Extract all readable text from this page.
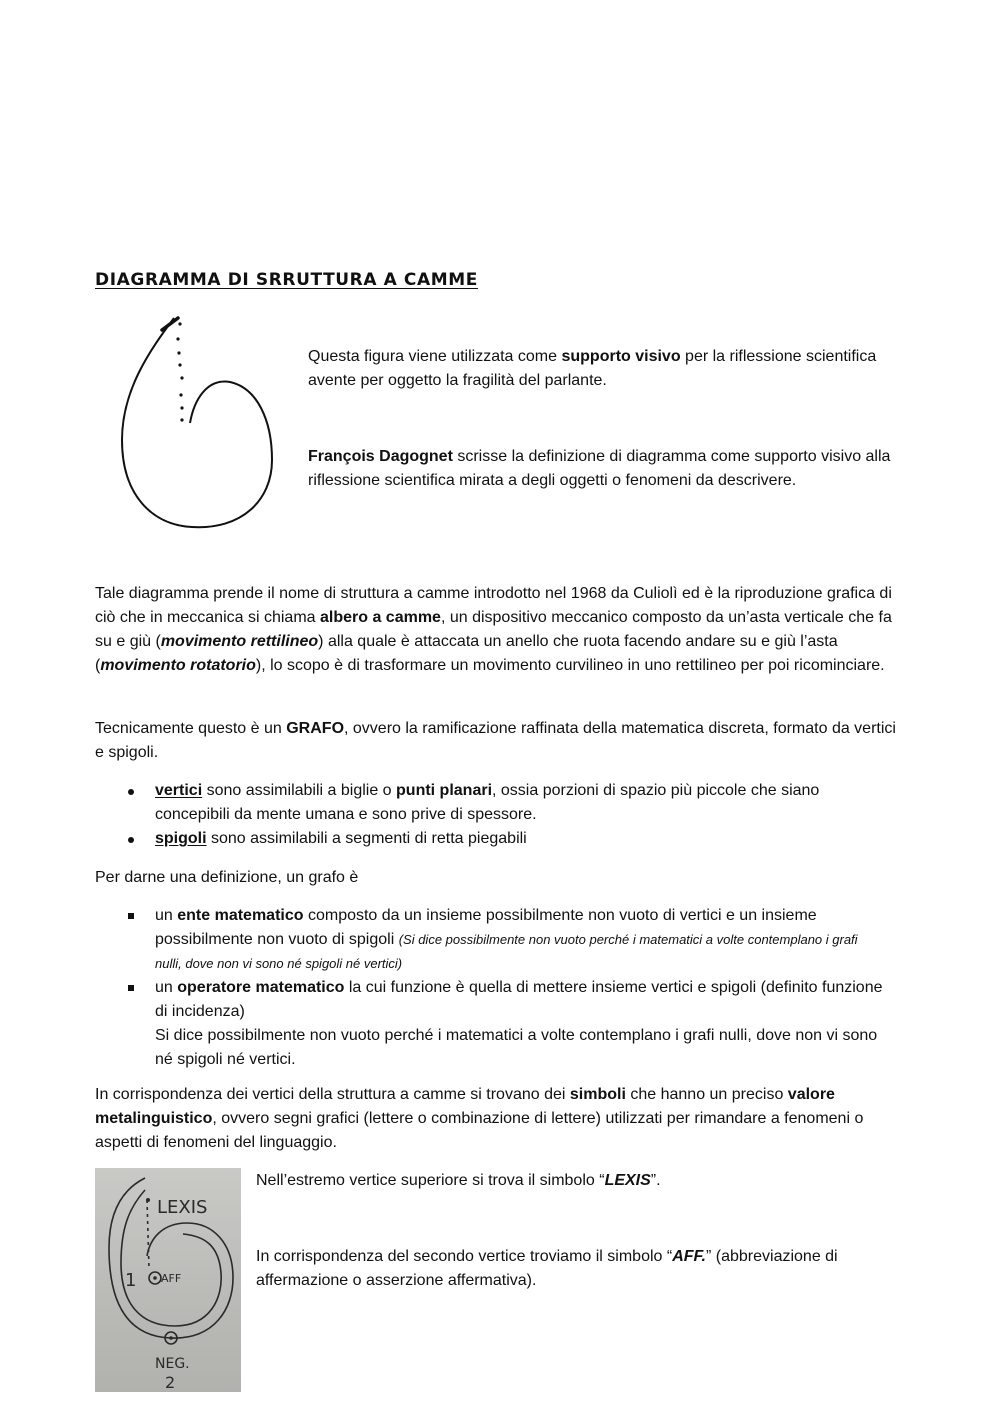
DIAGRAMMA DI SRRUTTURA A CAMME
Questa figura viene utilizzata come supporto visivo per la riflessione scientifica avente per oggetto la fragilità del parlante.
François Dagognet scrisse la definizione di diagramma come supporto visivo alla riflessione scientifica mirata a degli oggetti o fenomeni da descrivere.
Tale diagramma prende il nome di struttura a camme introdotto nel 1968 da Culiolì ed è la riproduzione grafica di ciò che in meccanica si chiama albero a camme, un dispositivo meccanico composto da un’asta verticale che fa su e giù (movimento rettilineo) alla quale è attaccata un anello che ruota facendo andare su e giù l’asta (movimento rotatorio), lo scopo è di trasformare un movimento curvilineo in uno rettilineo per poi ricominciare.
Tecnicamente questo è un GRAFO, ovvero la ramificazione raffinata della matematica discreta, formato da vertici e spigoli.
vertici sono assimilabili a biglie o punti planari, ossia porzioni di spazio più piccole che siano concepibili da mente umana e sono prive di spessore.
spigoli sono assimilabili a segmenti di retta piegabili
Per darne una definizione, un grafo è
un ente matematico composto da un insieme possibilmente non vuoto di vertici e un insieme possibilmente non vuoto di spigoli (Si dice possibilmente non vuoto perché i matematici a volte contemplano i grafi nulli, dove non vi sono né spigoli né vertici)
un operatore matematico la cui funzione è quella di mettere insieme vertici e spigoli (definito funzione di incidenza)
Si dice possibilmente non vuoto perché i matematici a volte contemplano i grafi nulli, dove non vi sono né spigoli né vertici.
In corrispondenza dei vertici della struttura a camme si trovano dei simboli che hanno un preciso valore metalinguistico, ovvero segni grafici (lettere o combinazione di lettere) utilizzati per rimandare a fenomeni o aspetti di fenomeni del linguaggio.
LEXIS
AFF
1
NEG.
2
Nell’estremo vertice superiore si trova il simbolo “LEXIS”.
In corrispondenza del secondo vertice troviamo il simbolo “AFF.” (abbreviazione di affermazione o asserzione affermativa).
